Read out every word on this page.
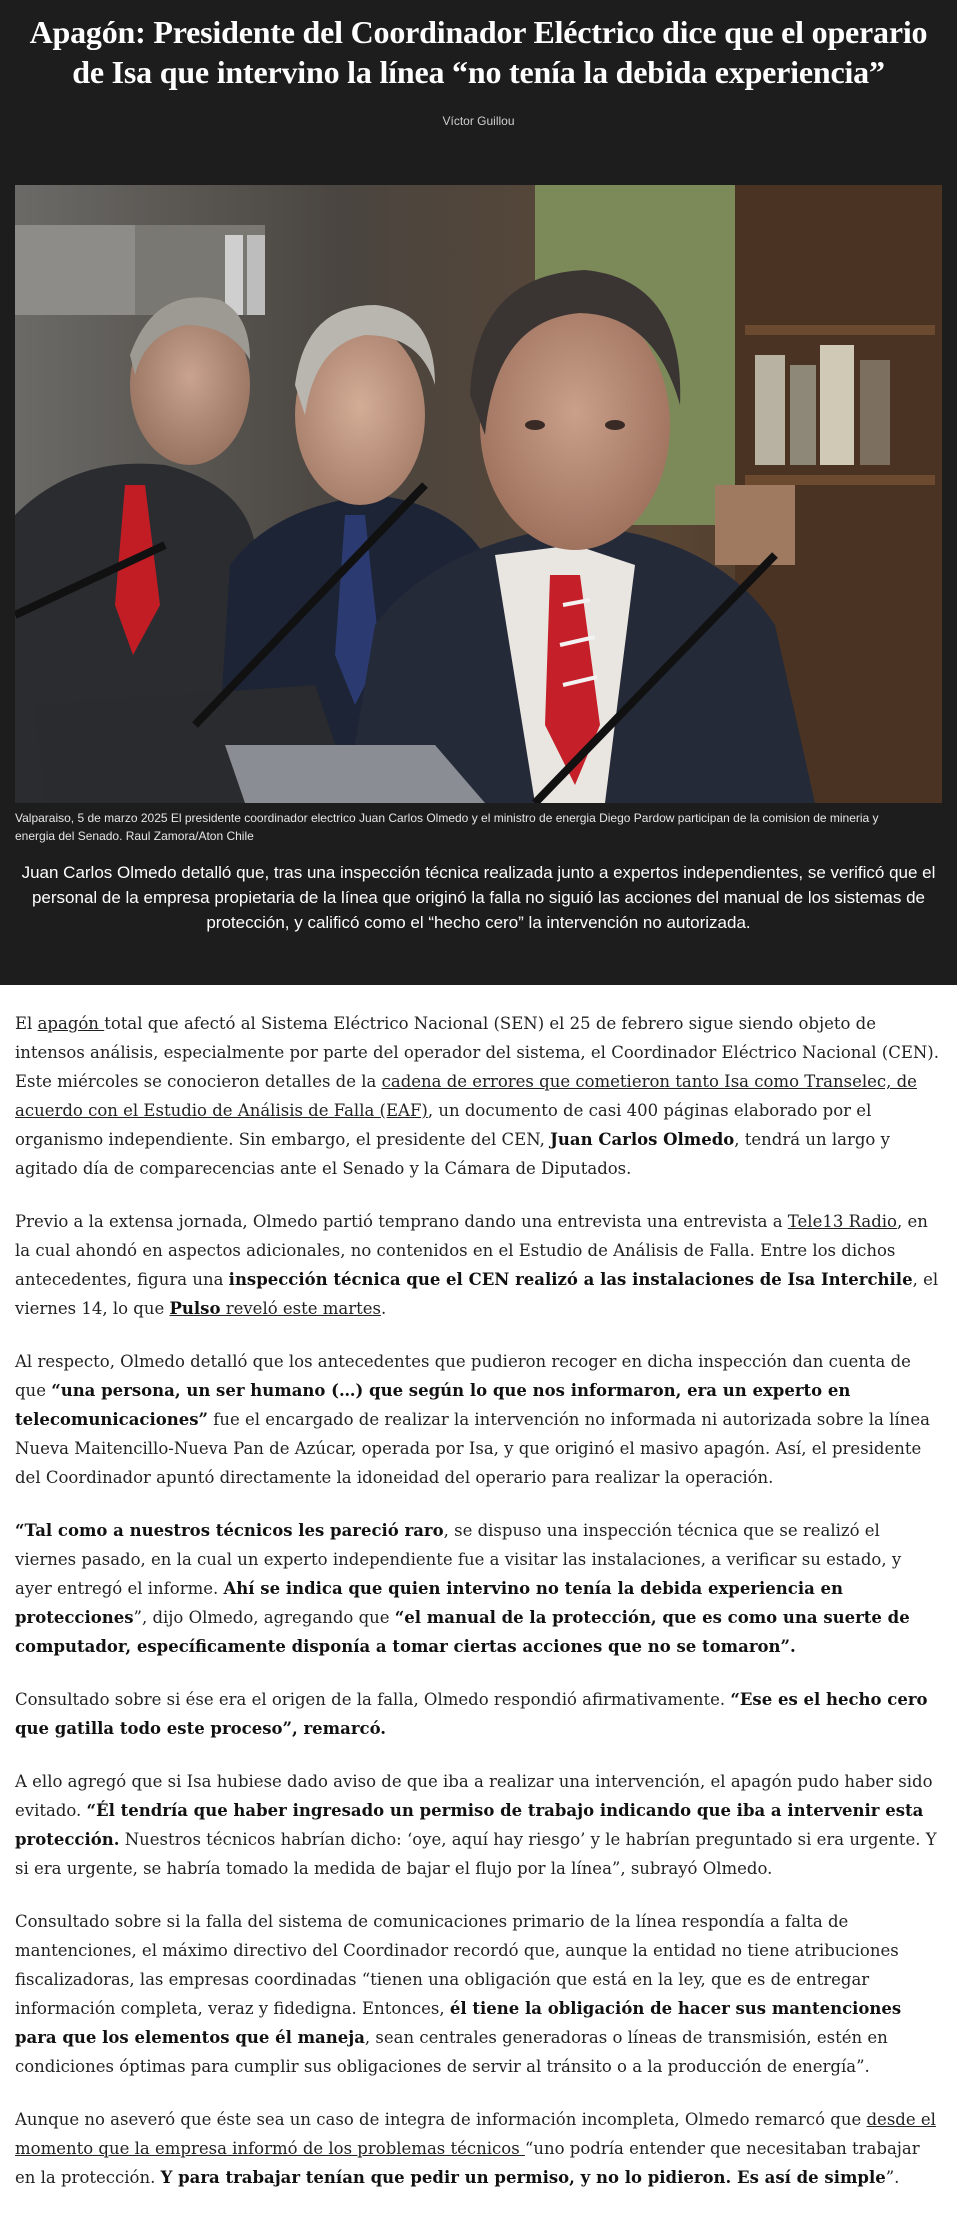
Apagón: Presidente del Coordinador Eléctrico dice que el operario de Isa que intervino la línea “no tenía la debida experiencia”
Víctor Guillou
Valparaiso, 5 de marzo 2025 El presidente coordinador electrico Juan Carlos Olmedo y el ministro de energia Diego Pardow participan de la comision de mineria y energia del Senado. Raul Zamora/Aton Chile
Juan Carlos Olmedo detalló que, tras una inspección técnica realizada junto a expertos independientes, se verificó que el personal de la empresa propietaria de la línea que originó la falla no siguió las acciones del manual de los sistemas de protección, y calificó como el “hecho cero” la intervención no autorizada.

El apagón total que afectó al Sistema Eléctrico Nacional (SEN) el 25 de febrero sigue siendo objeto de intensos análisis, especialmente por parte del operador del sistema, el Coordinador Eléctrico Nacional (CEN). Este miércoles se conocieron detalles de la cadena de errores que cometieron tanto Isa como Transelec, de acuerdo con el Estudio de Análisis de Falla (EAF), un documento de casi 400 páginas elaborado por el organismo independiente. Sin embargo, el presidente del CEN, Juan Carlos Olmedo, tendrá un largo y agitado día de comparecencias ante el Senado y la Cámara de Diputados.

Previo a la extensa jornada, Olmedo partió temprano dando una entrevista una entrevista a Tele13 Radio, en la cual ahondó en aspectos adicionales, no contenidos en el Estudio de Análisis de Falla. Entre los dichos antecedentes, figura una inspección técnica que el CEN realizó a las instalaciones de Isa Interchile, el viernes 14, lo que Pulso reveló este martes.

Al respecto, Olmedo detalló que los antecedentes que pudieron recoger en dicha inspección dan cuenta de que “una persona, un ser humano (…) que según lo que nos informaron, era un experto en telecomunicaciones” fue el encargado de realizar la intervención no informada ni autorizada sobre la línea Nueva Maitencillo-Nueva Pan de Azúcar, operada por Isa, y que originó el masivo apagón. Así, el presidente del Coordinador apuntó directamente la idoneidad del operario para realizar la operación.

“Tal como a nuestros técnicos les pareció raro, se dispuso una inspección técnica que se realizó el viernes pasado, en la cual un experto independiente fue a visitar las instalaciones, a verificar su estado, y ayer entregó el informe. Ahí se indica que quien intervino no tenía la debida experiencia en protecciones”, dijo Olmedo, agregando que “el manual de la protección, que es como una suerte de computador, específicamente disponía a tomar ciertas acciones que no se tomaron”.

Consultado sobre si ése era el origen de la falla, Olmedo respondió afirmativamente. “Ese es el hecho cero que gatilla todo este proceso”, remarcó.

A ello agregó que si Isa hubiese dado aviso de que iba a realizar una intervención, el apagón pudo haber sido evitado. “Él tendría que haber ingresado un permiso de trabajo indicando que iba a intervenir esta protección. Nuestros técnicos habrían dicho: ‘oye, aquí hay riesgo’ y le habrían preguntado si era urgente. Y si era urgente, se habría tomado la medida de bajar el flujo por la línea”, subrayó Olmedo.

Consultado sobre si la falla del sistema de comunicaciones primario de la línea respondía a falta de mantenciones, el máximo directivo del Coordinador recordó que, aunque la entidad no tiene atribuciones fiscalizadoras, las empresas coordinadas “tienen una obligación que está en la ley, que es de entregar información completa, veraz y fidedigna. Entonces, él tiene la obligación de hacer sus mantenciones para que los elementos que él maneja, sean centrales generadoras o líneas de transmisión, estén en condiciones óptimas para cumplir sus obligaciones de servir al tránsito o a la producción de energía”.

Aunque no aseveró que éste sea un caso de integra de información incompleta, Olmedo remarcó que desde el momento que la empresa informó de los problemas técnicos “uno podría entender que necesitaban trabajar en la protección. Y para trabajar tenían que pedir un permiso, y no lo pidieron. Es así de simple”.
